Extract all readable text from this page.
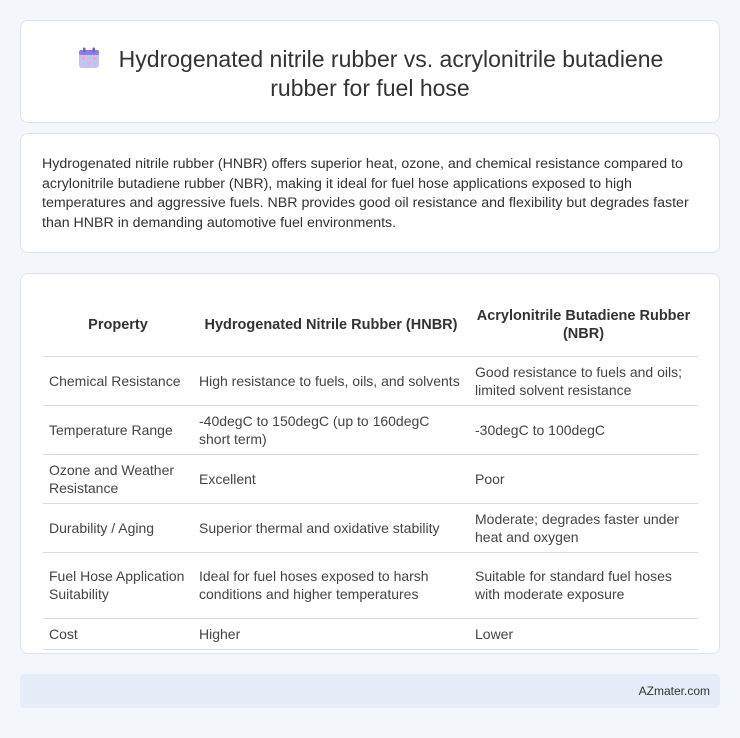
Hydrogenated nitrile rubber vs. acrylonitrile butadiene rubber for fuel hose

Hydrogenated nitrile rubber (HNBR) offers superior heat, ozone, and chemical resistance compared to acrylonitrile butadiene rubber (NBR), making it ideal for fuel hose applications exposed to high temperatures and aggressive fuels. NBR provides good oil resistance and flexibility but degrades faster than HNBR in demanding automotive fuel environments.

Property	Hydrogenated Nitrile Rubber (HNBR)	Acrylonitrile Butadiene Rubber (NBR)
Chemical Resistance	High resistance to fuels, oils, and solvents	Good resistance to fuels and oils; limited solvent resistance
Temperature Range	-40degC to 150degC (up to 160degC short term)	-30degC to 100degC
Ozone and Weather Resistance	Excellent	Poor
Durability / Aging	Superior thermal and oxidative stability	Moderate; degrades faster under heat and oxygen
Fuel Hose Application Suitability	Ideal for fuel hoses exposed to harsh conditions and higher temperatures	Suitable for standard fuel hoses with moderate exposure
Cost	Higher	Lower
AZmater.com
